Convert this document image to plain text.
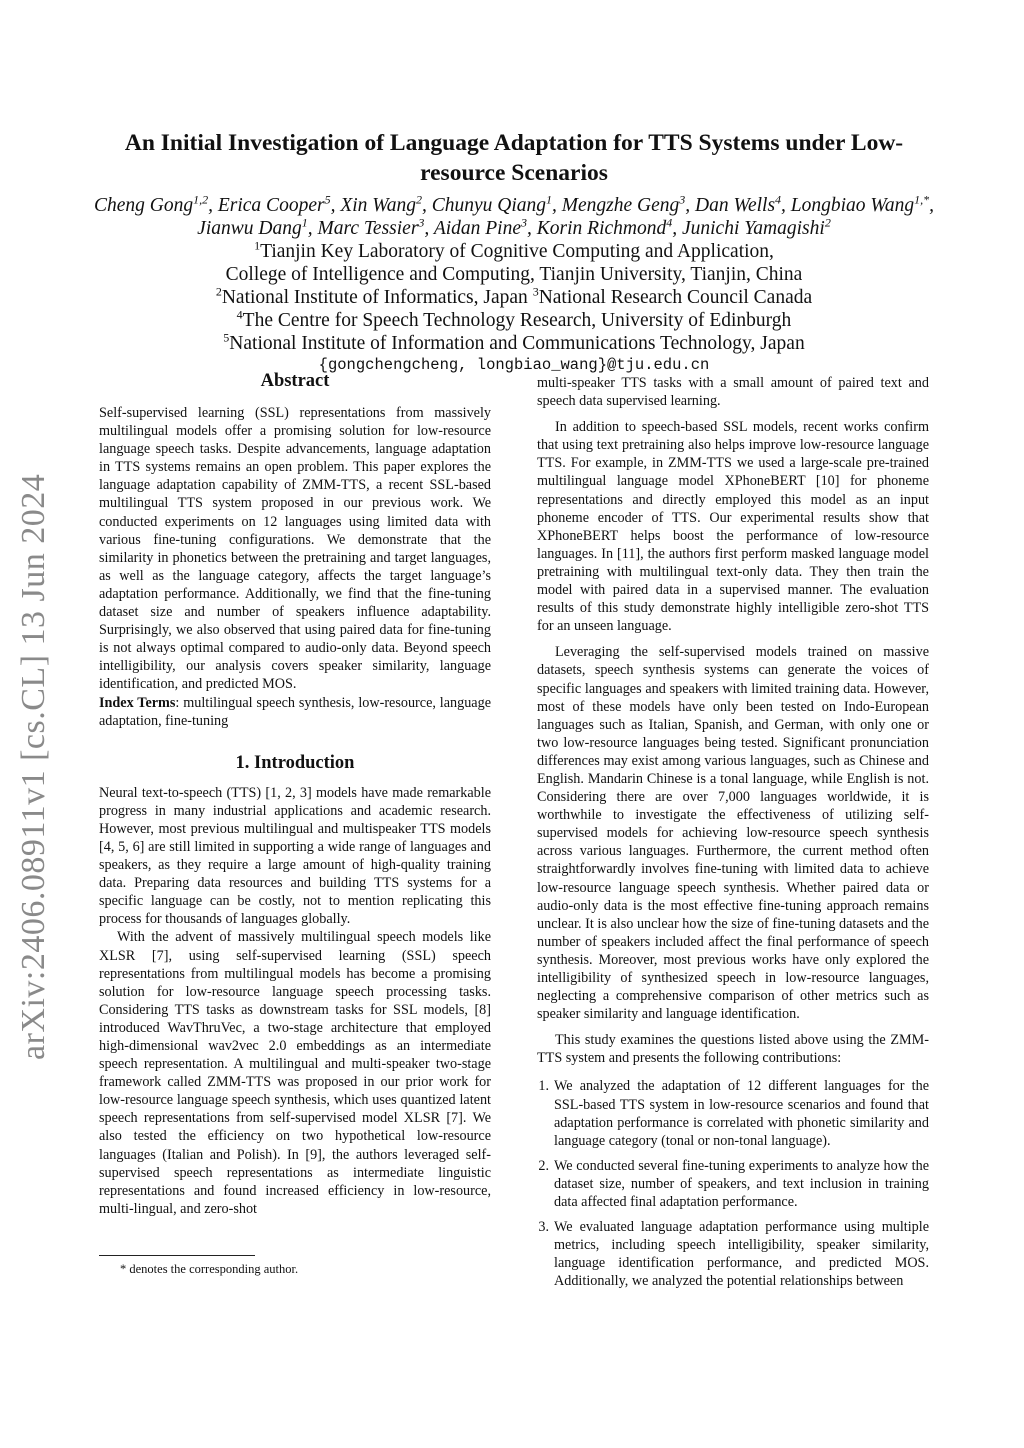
arXiv:2406.08911v1 [cs.CL] 13 Jun 2024
An Initial Investigation of Language Adaptation for TTS Systems under Low-resource Scenarios
Cheng Gong$^{1,2}$, Erica Cooper$^5$, Xin Wang$^2$, Chunyu Qiang$^1$, Mengzhe Geng$^3$, Dan Wells$^4$, Longbiao Wang$^{1,*}$, Jianwu Dang$^1$, Marc Tessier$^3$, Aidan Pine$^3$, Korin Richmond$^4$, Junichi Yamagishi$^2$
$^1$Tianjin Key Laboratory of Cognitive Computing and Application,
College of Intelligence and Computing, Tianjin University, Tianjin, China
$^2$National Institute of Informatics, Japan $^3$National Research Council Canada
$^4$The Centre for Speech Technology Research, University of Edinburgh
$^5$National Institute of Information and Communications Technology, Japan
{gongchengcheng, longbiao_wang}@tju.edu.cn
Abstract

Self-supervised learning (SSL) representations from massively multilingual models offer a promising solution for low-resource language speech tasks. Despite advancements, language adaptation in TTS systems remains an open problem. This paper explores the language adaptation capability of ZMM-TTS, a recent SSL-based multilingual TTS system proposed in our previous work. We conducted experiments on 12 languages using limited data with various fine-tuning configurations. We demonstrate that the similarity in phonetics between the pretraining and target languages, as well as the language category, affects the target language’s adaptation performance. Additionally, we find that the fine-tuning dataset size and number of speakers influence adaptability. Surprisingly, we also observed that using paired data for fine-tuning is not always optimal compared to audio-only data. Beyond speech intelligibility, our analysis covers speaker similarity, language identification, and predicted MOS.

Index Terms: multilingual speech synthesis, low-resource, language adaptation, fine-tuning

1. Introduction

Neural text-to-speech (TTS) [1, 2, 3] models have made remarkable progress in many industrial applications and academic research. However, most previous multilingual and multispeaker TTS models [4, 5, 6] are still limited in supporting a wide range of languages and speakers, as they require a large amount of high-quality training data. Preparing data resources and building TTS systems for a specific language can be costly, not to mention replicating this process for thousands of languages globally.

With the advent of massively multilingual speech models like XLSR [7], using self-supervised learning (SSL) speech representations from multilingual models has become a promising solution for low-resource language speech processing tasks. Considering TTS tasks as downstream tasks for SSL models, [8] introduced WavThruVec, a two-stage architecture that employed high-dimensional wav2vec 2.0 embeddings as an intermediate speech representation. A multilingual and multi-speaker two-stage framework called ZMM-TTS was proposed in our prior work for low-resource language speech synthesis, which uses quantized latent speech representations from self-supervised model XLSR [7]. We also tested the efficiency on two hypothetical low-resource languages (Italian and Polish). In [9], the authors leveraged self-supervised speech representations as intermediate linguistic representations and found increased efficiency in low-resource, multi-lingual, and zero-shot

multi-speaker TTS tasks with a small amount of paired text and speech data supervised learning.

In addition to speech-based SSL models, recent works confirm that using text pretraining also helps improve low-resource language TTS. For example, in ZMM-TTS we used a large-scale pre-trained multilingual language model XPhoneBERT [10] for phoneme representations and directly employed this model as an input phoneme encoder of TTS. Our experimental results show that XPhoneBERT helps boost the performance of low-resource languages. In [11], the authors first perform masked language model pretraining with multilingual text-only data. They then train the model with paired data in a supervised manner. The evaluation results of this study demonstrate highly intelligible zero-shot TTS for an unseen language.

Leveraging the self-supervised models trained on massive datasets, speech synthesis systems can generate the voices of specific languages and speakers with limited training data. However, most of these models have only been tested on Indo-European languages such as Italian, Spanish, and German, with only one or two low-resource languages being tested. Significant pronunciation differences may exist among various languages, such as Chinese and English. Mandarin Chinese is a tonal language, while English is not. Considering there are over 7,000 languages worldwide, it is worthwhile to investigate the effectiveness of utilizing self-supervised models for achieving low-resource speech synthesis across various languages. Furthermore, the current method often straightforwardly involves fine-tuning with limited data to achieve low-resource language speech synthesis. Whether paired data or audio-only data is the most effective fine-tuning approach remains unclear. It is also unclear how the size of fine-tuning datasets and the number of speakers included affect the final performance of speech synthesis. Moreover, most previous works have only explored the intelligibility of synthesized speech in low-resource languages, neglecting a comprehensive comparison of other metrics such as speaker similarity and language identification.

This study examines the questions listed above using the ZMM-TTS system and presents the following contributions:

1. We analyzed the adaptation of 12 different languages for the SSL-based TTS system in low-resource scenarios and found that adaptation performance is correlated with phonetic similarity and language category (tonal or non-tonal language).
2. We conducted several fine-tuning experiments to analyze how the dataset size, number of speakers, and text inclusion in training data affected final adaptation performance.
3. We evaluated language adaptation performance using multiple metrics, including speech intelligibility, speaker similarity, language identification performance, and predicted MOS. Additionally, we analyzed the potential relationships between
* denotes the corresponding author.
